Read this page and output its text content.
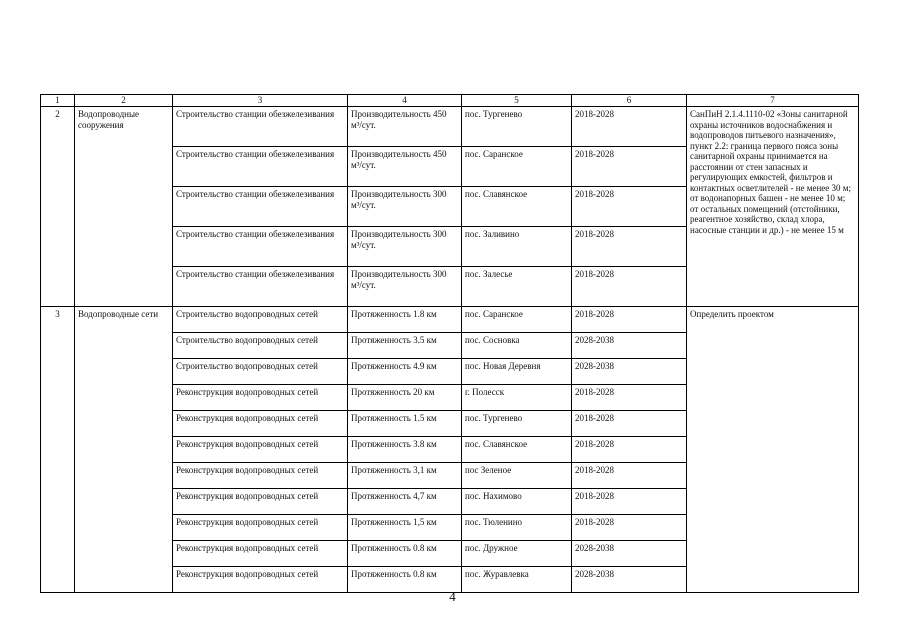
1	2	3	4	5	6	7
2	Водопроводные сооружения	Строительство станции обезжелезивания	Производительность 450 м³/сут.	пос. Тургенево	2018-2028	СанПиН 2.1.4.1110-02 «Зоны санитарной охраны источников водоснабжения и водопроводов питьевого назначения», пункт 2.2: граница первого пояса зоны санитарной охраны принимается на расстоянии от стен запасных и регулирующих емкостей, фильтров и контактных осветлителей - не менее 30 м; от водонапорных башен - не менее 10 м; от остальных помещений (отстойники, реагентное хозяйство, склад хлора, насосные станции и др.) - не менее 15 м
		Строительство станции обезжелезивания	Производительность 450 м³/сут.	пос. Саранское	2018-2028	
		Строительство станции обезжелезивания	Производительность 300 м³/сут.	пос. Славянское	2018-2028	
		Строительство станции обезжелезивания	Производительность 300 м³/сут.	пос. Заливино	2018-2028	
		Строительство станции обезжелезивания	Производительность 300 м³/сут.	пос. Залесье	2018-2028	
3	Водопроводные сети	Строительство водопроводных сетей	Протяженность 1.8 км	пос. Саранское	2018-2028	Определить проектом
		Строительство водопроводных сетей	Протяженность 3.5 км	пос. Сосновка	2028-2038	
		Строительство водопроводных сетей	Протяженность 4.9 км	пос. Новая Деревня	2028-2038	
		Реконструкция водопроводных сетей	Протяженность 20 км	г. Полесск	2018-2028	
		Реконструкция водопроводных сетей	Протяженность 1.5 км	пос. Тургенево	2018-2028	
		Реконструкция водопроводных сетей	Протяженность 3.8 км	пос. Славянское	2018-2028	
		Реконструкция водопроводных сетей	Протяженность 3,1 км	пос Зеленое	2018-2028	
		Реконструкция водопроводных сетей	Протяженность 4,7 км	пос. Нахимово	2018-2028	
		Реконструкция водопроводных сетей	Протяженность 1,5 км	пос. Тюленино	2018-2028	
		Реконструкция водопроводных сетей	Протяженность 0.8 км	пос. Дружное	2028-2038	
		Реконструкция водопроводных сетей	Протяженность 0.8 км	пос. Журавлевка	2028-2038	
4
